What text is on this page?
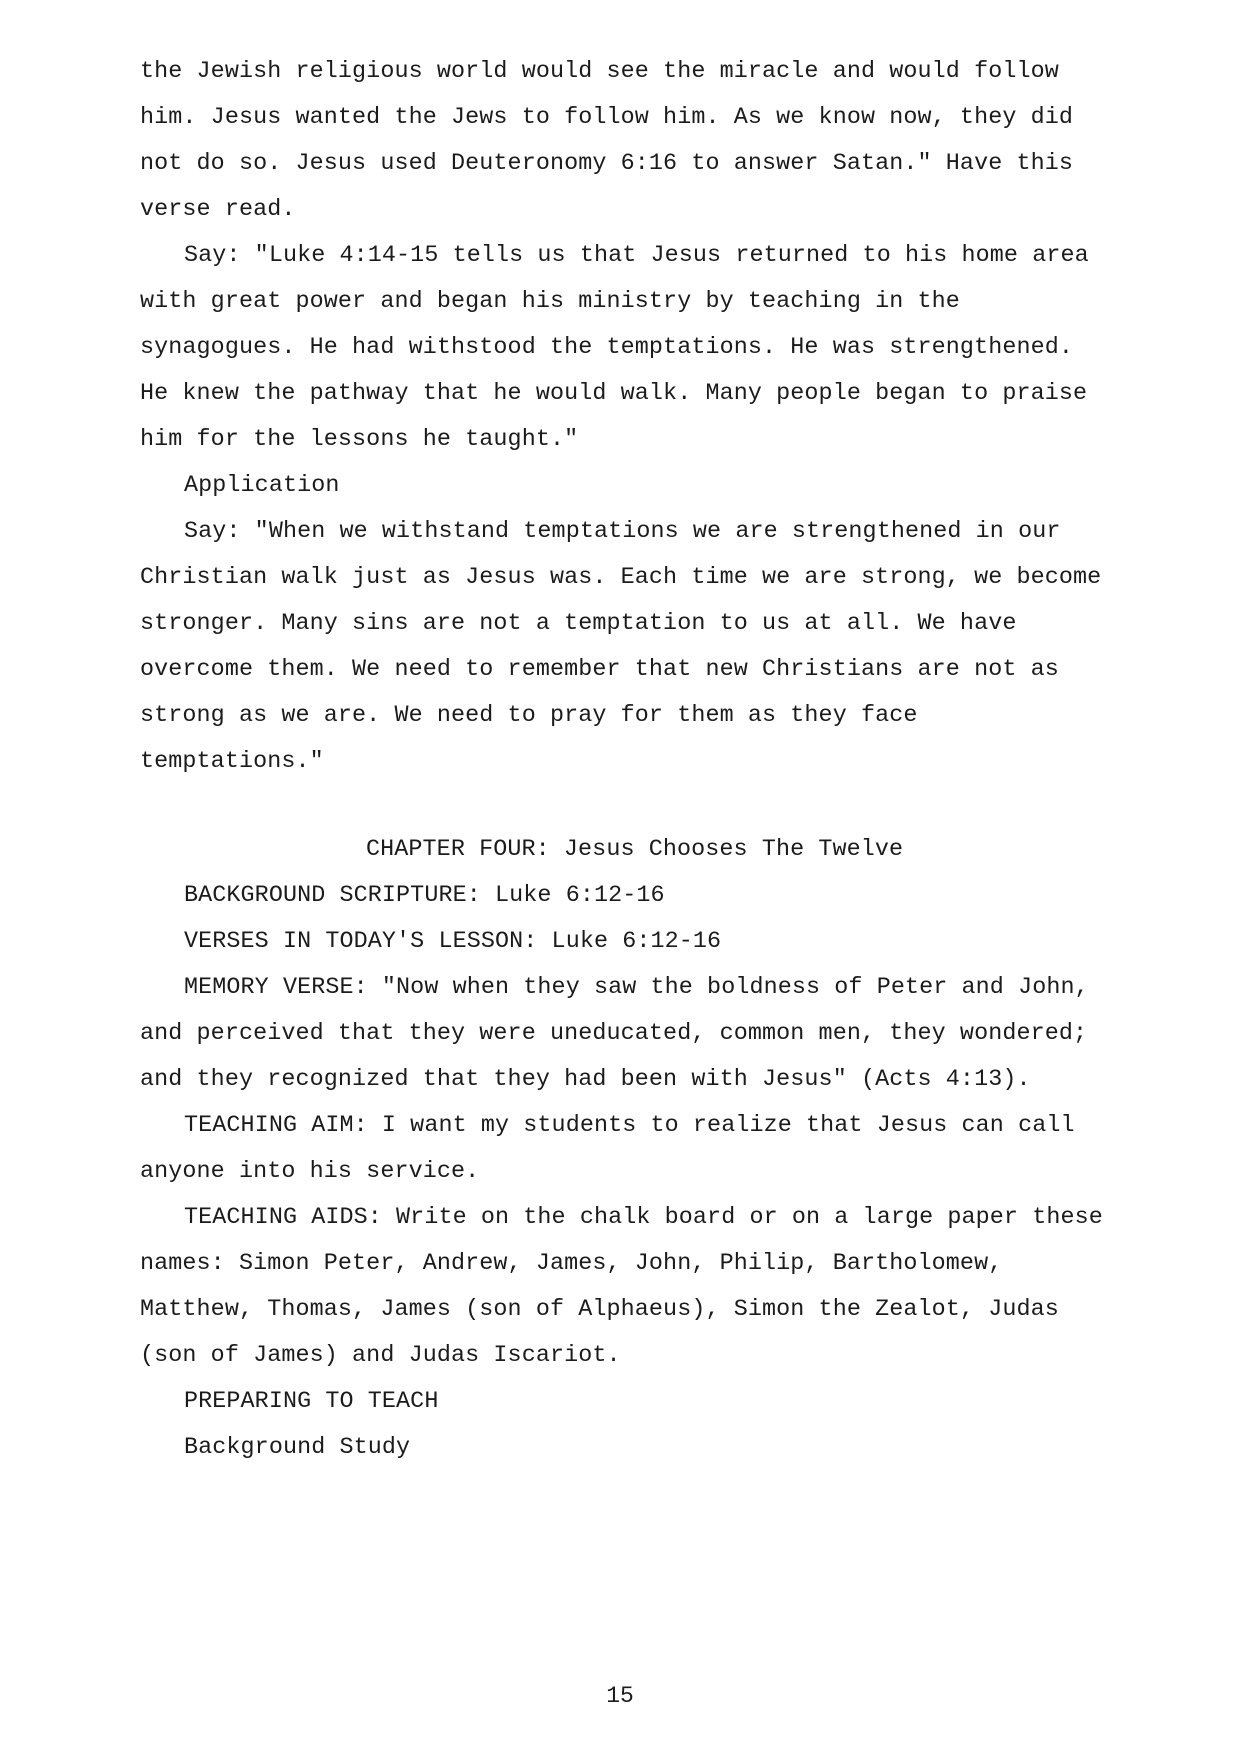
the Jewish religious world would see the miracle and would follow
him. Jesus wanted the Jews to follow him. As we know now, they did
not do so. Jesus used Deuteronomy 6:16 to answer Satan." Have this
verse read.
Say: "Luke 4:14-15 tells us that Jesus returned to his home area
with great power and began his ministry by teaching in the
synagogues. He had withstood the temptations. He was strengthened.
He knew the pathway that he would walk. Many people began to praise
him for the lessons he taught."
Application
Say: "When we withstand temptations we are strengthened in our
Christian walk just as Jesus was. Each time we are strong, we become
stronger. Many sins are not a temptation to us at all. We have
overcome them. We need to remember that new Christians are not as
strong as we are. We need to pray for them as they face
temptations."
CHAPTER FOUR: Jesus Chooses The Twelve
BACKGROUND SCRIPTURE: Luke 6:12-16
VERSES IN TODAY'S LESSON: Luke 6:12-16
MEMORY VERSE: "Now when they saw the boldness of Peter and John,
and perceived that they were uneducated, common men, they wondered;
and they recognized that they had been with Jesus" (Acts 4:13).
TEACHING AIM: I want my students to realize that Jesus can call
anyone into his service.
TEACHING AIDS: Write on the chalk board or on a large paper these
names: Simon Peter, Andrew, James, John, Philip, Bartholomew,
Matthew, Thomas, James (son of Alphaeus), Simon the Zealot, Judas
(son of James) and Judas Iscariot.
PREPARING TO TEACH
Background Study
15
